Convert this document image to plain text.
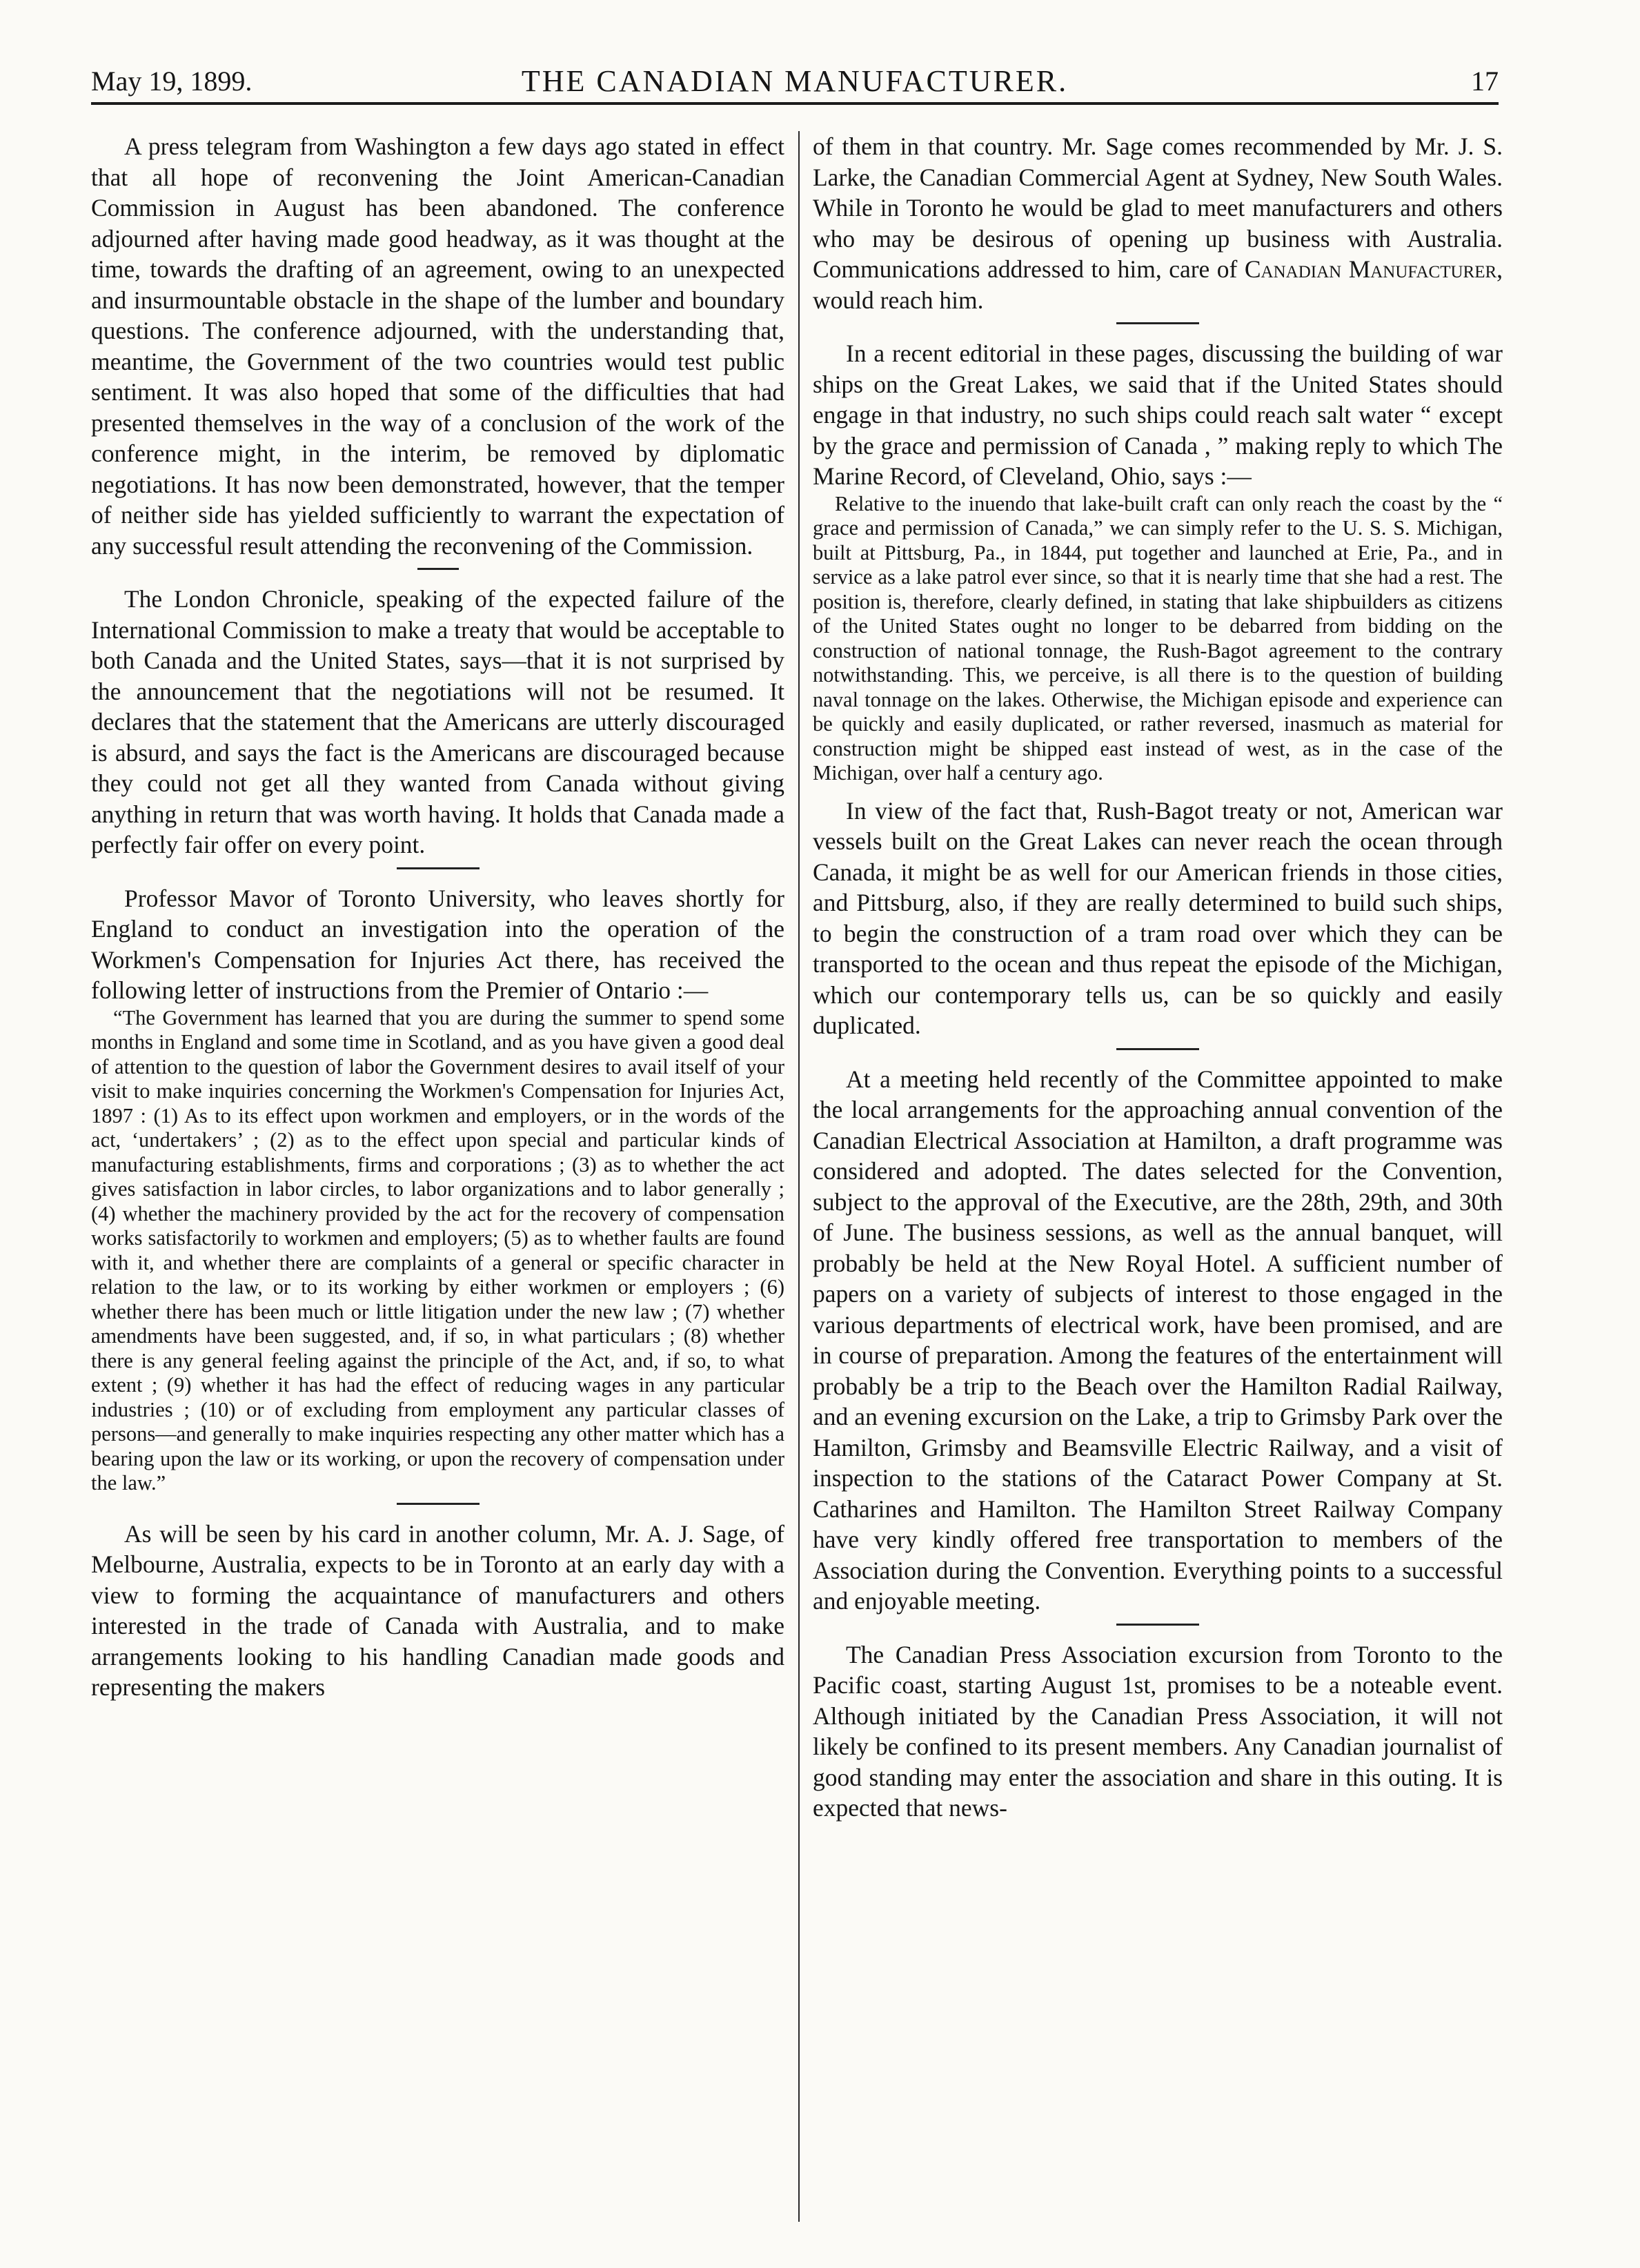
May 19, 1899.	THE CANADIAN MANUFACTURER.	17

A press telegram from Washington a few days ago stated in effect that all hope of reconvening the Joint American-Canadian Commission in August has been abandoned. The conference adjourned after having made good headway, as it was thought at the time, towards the drafting of an agreement, owing to an unexpected and insurmountable obstacle in the shape of the lumber and boundary questions. The conference adjourned, with the understanding that, meantime, the Government of the two countries would test public sentiment. It was also hoped that some of the difficulties that had presented themselves in the way of a conclusion of the work of the conference might, in the interim, be removed by diplomatic negotiations. It has now been demonstrated, however, that the temper of neither side has yielded sufficiently to warrant the expectation of any successful result attending the reconvening of the Commission.

The London Chronicle, speaking of the expected failure of the International Commission to make a treaty that would be acceptable to both Canada and the United States, says—that it is not surprised by the announcement that the negotiations will not be resumed. It declares that the statement that the Americans are utterly discouraged is absurd, and says the fact is the Americans are discouraged because they could not get all they wanted from Canada without giving anything in return that was worth having. It holds that Canada made a perfectly fair offer on every point.

Professor Mavor of Toronto University, who leaves shortly for England to conduct an investigation into the operation of the Workmen's Compensation for Injuries Act there, has received the following letter of instructions from the Premier of Ontario :—

“The Government has learned that you are during the summer to spend some months in England and some time in Scotland, and as you have given a good deal of attention to the question of labor the Government desires to avail itself of your visit to make inquiries concerning the Workmen's Compensation for Injuries Act, 1897 : (1) As to its effect upon workmen and employers, or in the words of the act, ‘undertakers’ ; (2) as to the effect upon special and particular kinds of manufacturing establishments, firms and corporations ; (3) as to whether the act gives satisfaction in labor circles, to labor organizations and to labor generally ; (4) whether the machinery provided by the act for the recovery of compensation works satisfactorily to workmen and employers; (5) as to whether faults are found with it, and whether there are complaints of a general or specific character in relation to the law, or to its working by either workmen or employers ; (6) whether there has been much or little litigation under the new law ; (7) whether amendments have been suggested, and, if so, in what particulars ; (8) whether there is any general feeling against the principle of the Act, and, if so, to what extent ; (9) whether it has had the effect of reducing wages in any particular industries ; (10) or of excluding from employment any particular classes of persons—and generally to make inquiries respecting any other matter which has a bearing upon the law or its working, or upon the recovery of compensation under the law.”

As will be seen by his card in another column, Mr. A. J. Sage, of Melbourne, Australia, expects to be in Toronto at an early day with a view to forming the acquaintance of manufacturers and others interested in the trade of Canada with Australia, and to make arrangements looking to his handling Canadian made goods and representing the makers

of them in that country. Mr. Sage comes recommended by Mr. J. S. Larke, the Canadian Commercial Agent at Sydney, New South Wales. While in Toronto he would be glad to meet manufacturers and others who may be desirous of opening up business with Australia. Communications addressed to him, care of Canadian Manufacturer, would reach him.

In a recent editorial in these pages, discussing the building of war ships on the Great Lakes, we said that if the United States should engage in that industry, no such ships could reach salt water “ except by the grace and permission of Canada , ” making reply to which The Marine Record, of Cleveland, Ohio, says :—

Relative to the inuendo that lake-built craft can only reach the coast by the “ grace and permission of Canada,” we can simply refer to the U. S. S. Michigan, built at Pittsburg, Pa., in 1844, put together and launched at Erie, Pa., and in service as a lake patrol ever since, so that it is nearly time that she had a rest. The position is, therefore, clearly defined, in stating that lake shipbuilders as citizens of the United States ought no longer to be debarred from bidding on the construction of national tonnage, the Rush-Bagot agreement to the contrary notwithstanding. This, we perceive, is all there is to the question of building naval tonnage on the lakes. Otherwise, the Michigan episode and experience can be quickly and easily duplicated, or rather reversed, inasmuch as material for construction might be shipped east instead of west, as in the case of the Michigan, over half a century ago.

In view of the fact that, Rush-Bagot treaty or not, American war vessels built on the Great Lakes can never reach the ocean through Canada, it might be as well for our American friends in those cities, and Pittsburg, also, if they are really determined to build such ships, to begin the construction of a tram road over which they can be transported to the ocean and thus repeat the episode of the Michigan, which our contemporary tells us, can be so quickly and easily duplicated.

At a meeting held recently of the Committee appointed to make the local arrangements for the approaching annual convention of the Canadian Electrical Association at Hamilton, a draft programme was considered and adopted. The dates selected for the Convention, subject to the approval of the Executive, are the 28th, 29th, and 30th of June. The business sessions, as well as the annual banquet, will probably be held at the New Royal Hotel. A sufficient number of papers on a variety of subjects of interest to those engaged in the various departments of electrical work, have been promised, and are in course of preparation. Among the features of the entertainment will probably be a trip to the Beach over the Hamilton Radial Railway, and an evening excursion on the Lake, a trip to Grimsby Park over the Hamilton, Grimsby and Beamsville Electric Railway, and a visit of inspection to the stations of the Cataract Power Company at St. Catharines and Hamilton. The Hamilton Street Railway Company have very kindly offered free transportation to members of the Association during the Convention. Everything points to a successful and enjoyable meeting.

The Canadian Press Association excursion from Toronto to the Pacific coast, starting August 1st, promises to be a noteable event. Although initiated by the Canadian Press Association, it will not likely be confined to its present members. Any Canadian journalist of good standing may enter the association and share in this outing. It is expected that news-
